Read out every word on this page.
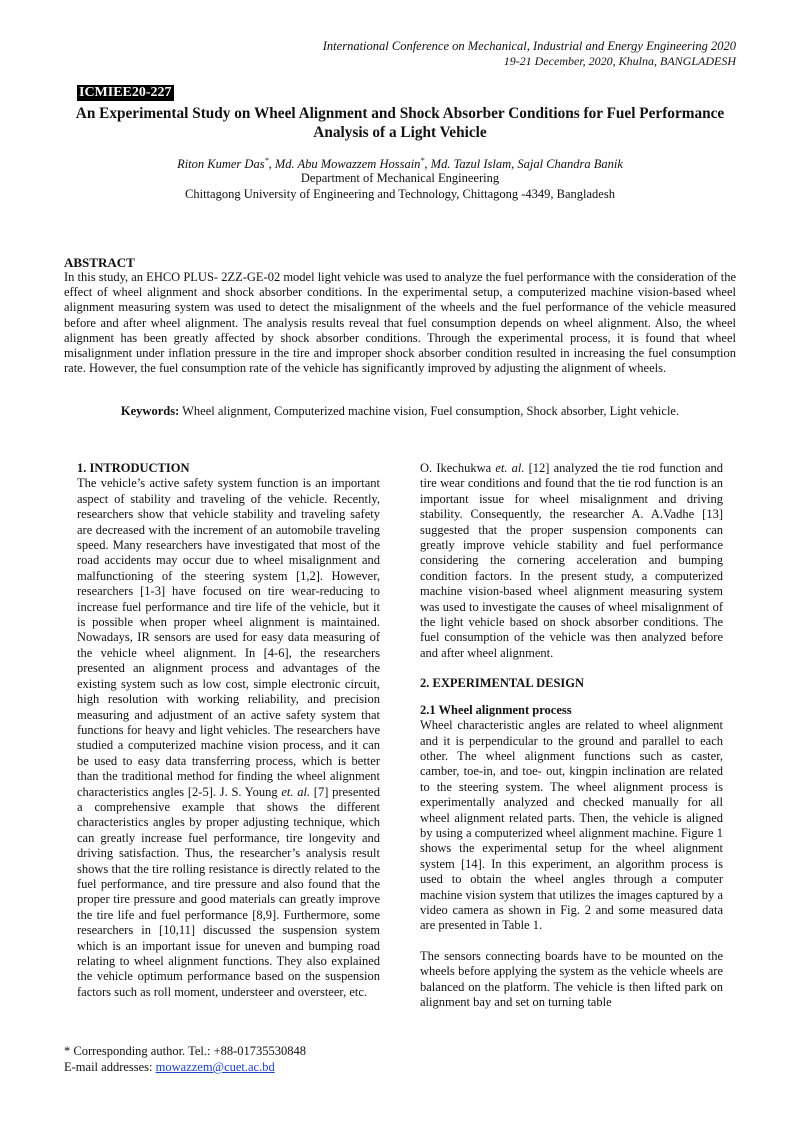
International Conference on Mechanical, Industrial and Energy Engineering 2020
19-21 December, 2020, Khulna, BANGLADESH
ICMIEE20-227
An Experimental Study on Wheel Alignment and Shock Absorber Conditions for Fuel Performance Analysis of a Light Vehicle
Riton Kumer Das*, Md. Abu Mowazzem Hossain*, Md. Tazul Islam, Sajal Chandra Banik
Department of Mechanical Engineering
Chittagong University of Engineering and Technology, Chittagong -4349, Bangladesh
ABSTRACT

In this study, an EHCO PLUS- 2ZZ-GE-02 model light vehicle was used to analyze the fuel performance with the consideration of the effect of wheel alignment and shock absorber conditions. In the experimental setup, a computerized machine vision-based wheel alignment measuring system was used to detect the misalignment of the wheels and the fuel performance of the vehicle measured before and after wheel alignment. The analysis results reveal that fuel consumption depends on wheel alignment. Also, the wheel alignment has been greatly affected by shock absorber conditions. Through the experimental process, it is found that wheel misalignment under inflation pressure in the tire and improper shock absorber condition resulted in increasing the fuel consumption rate. However, the fuel consumption rate of the vehicle has significantly improved by adjusting the alignment of wheels.

Keywords: Wheel alignment, Computerized machine vision, Fuel consumption, Shock absorber, Light vehicle.
1. INTRODUCTION

The vehicle’s active safety system function is an important aspect of stability and traveling of the vehicle. Recently, researchers show that vehicle stability and traveling safety are decreased with the increment of an automobile traveling speed. Many researchers have investigated that most of the road accidents may occur due to wheel misalignment and malfunctioning of the steering system [1,2]. However, researchers [1-3] have focused on tire wear-reducing to increase fuel performance and tire life of the vehicle, but it is possible when proper wheel alignment is maintained. Nowadays, IR sensors are used for easy data measuring of the vehicle wheel alignment. In [4-6], the researchers presented an alignment process and advantages of the existing system such as low cost, simple electronic circuit, high resolution with working reliability, and precision measuring and adjustment of an active safety system that functions for heavy and light vehicles. The researchers have studied a computerized machine vision process, and it can be used to easy data transferring process, which is better than the traditional method for finding the wheel alignment characteristics angles [2-5]. J. S. Young et. al. [7] presented a comprehensive example that shows the different characteristics angles by proper adjusting technique, which can greatly increase fuel performance, tire longevity and driving satisfaction. Thus, the researcher’s analysis result shows that the tire rolling resistance is directly related to the fuel performance, and tire pressure and also found that the proper tire pressure and good materials can greatly improve the tire life and fuel performance [8,9]. Furthermore, some researchers in [10,11] discussed the suspension system which is an important issue for uneven and bumping road relating to wheel alignment functions. They also explained the vehicle optimum performance based on the suspension factors such as roll moment, understeer and oversteer, etc.

O. Ikechukwa et. al. [12] analyzed the tie rod function and tire wear conditions and found that the tie rod function is an important issue for wheel misalignment and driving stability. Consequently, the researcher A. A.Vadhe [13] suggested that the proper suspension components can greatly improve vehicle stability and fuel performance considering the cornering acceleration and bumping condition factors. In the present study, a computerized machine vision-based wheel alignment measuring system was used to investigate the causes of wheel misalignment of the light vehicle based on shock absorber conditions. The fuel consumption of the vehicle was then analyzed before and after wheel alignment.

2. EXPERIMENTAL DESIGN
2.1 Wheel alignment process

Wheel characteristic angles are related to wheel alignment and it is perpendicular to the ground and parallel to each other. The wheel alignment functions such as caster, camber, toe-in, and toe- out, kingpin inclination are related to the steering system. The wheel alignment process is experimentally analyzed and checked manually for all wheel alignment related parts. Then, the vehicle is aligned by using a computerized wheel alignment machine. Figure 1 shows the experimental setup for the wheel alignment system [14]. In this experiment, an algorithm process is used to obtain the wheel angles through a computer machine vision system that utilizes the images captured by a video camera as shown in Fig. 2 and some measured data are presented in Table 1.

The sensors connecting boards have to be mounted on the wheels before applying the system as the vehicle wheels are balanced on the platform. The vehicle is then lifted park on alignment bay and set on turning table

* Corresponding author. Tel.: +88-01735530848
E-mail addresses: mowazzem@cuet.ac.bd
